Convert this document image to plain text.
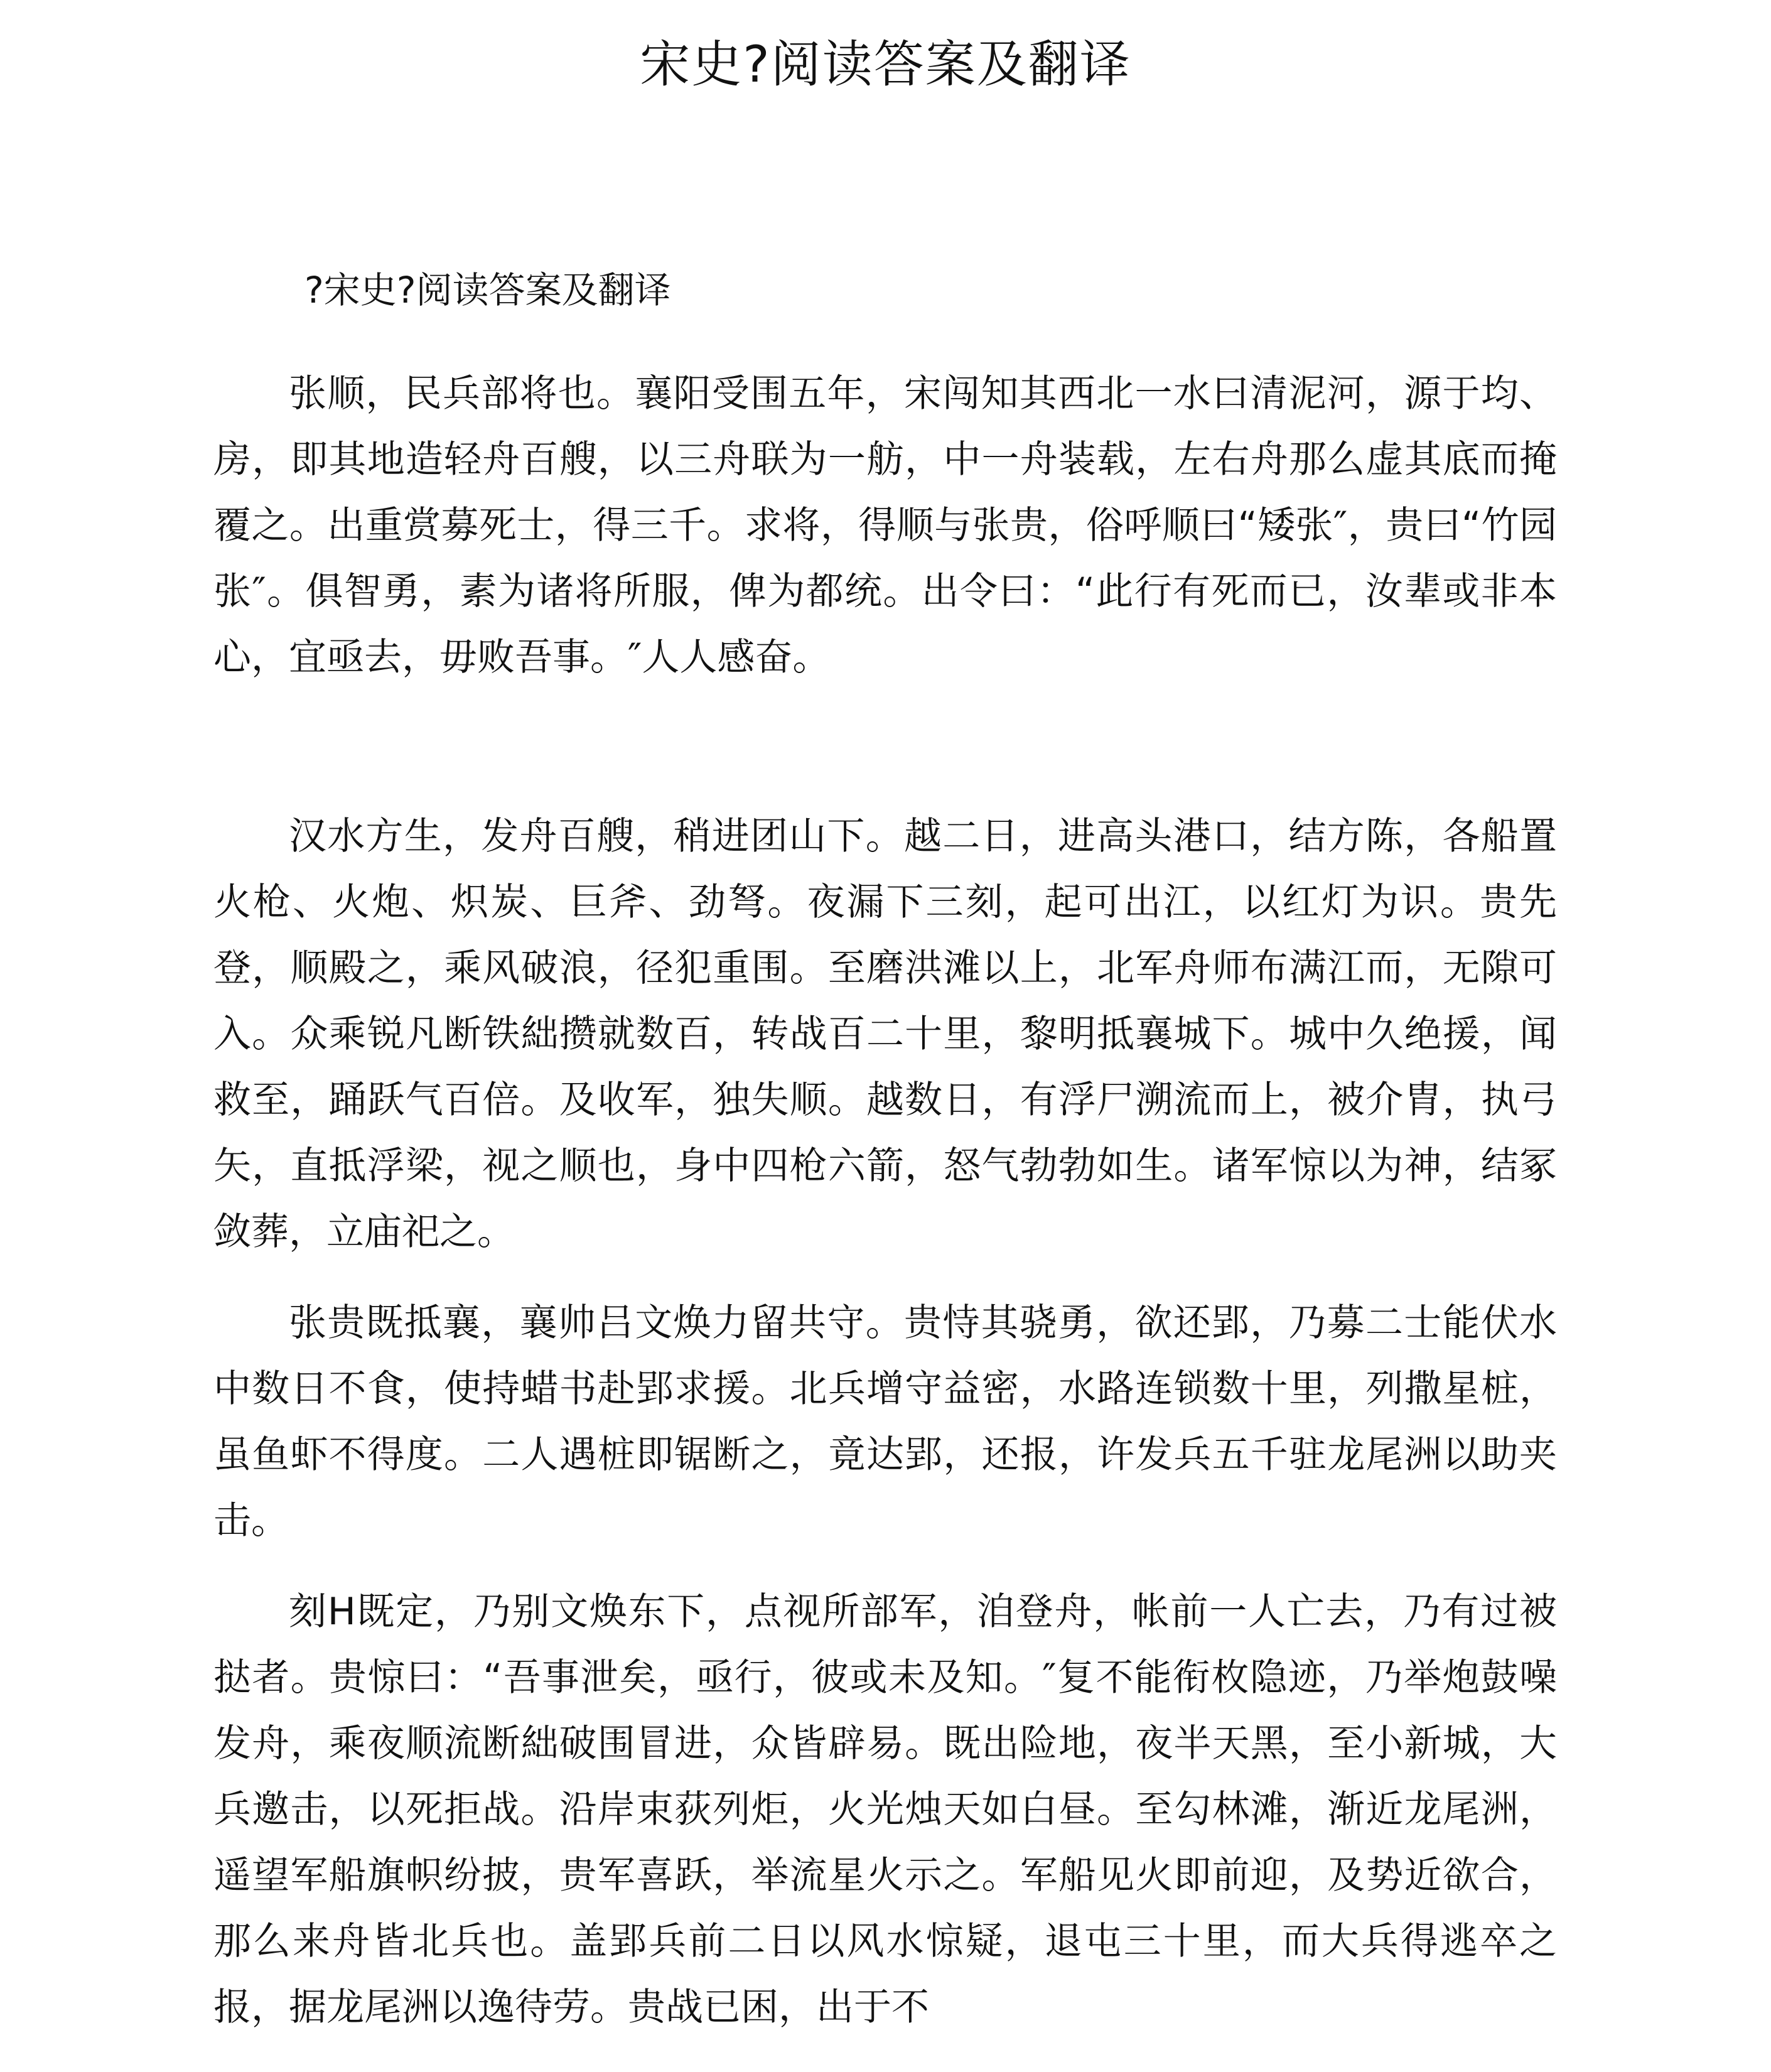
宋史?阅读答案及翻译
?宋史?阅读答案及翻译

张顺，民兵部将也。襄阳受围五年，宋闯知其西北一水曰清泥河，源于均、房，即其地造轻舟百艘，以三舟联为一舫，中一舟装载，左右舟那么虚其底而掩覆之。出重赏募死士，得三千。求将，得顺与张贵，俗呼顺曰“矮张″，贵曰“竹园张″。俱智勇，素为诸将所服，俾为都统。出令曰：“此行有死而已，汝辈或非本心，宜亟去，毋败吾事。″人人感奋。

汉水方生，发舟百艘，稍进团山下。越二日，进高头港口，结方陈，各船置火枪、火炮、炽炭、巨斧、劲弩。夜漏下三刻，起可出江，以红灯为识。贵先登，顺殿之，乘风破浪，径犯重围。至磨洪滩以上，北军舟师布满江而，无隙可入。众乘锐凡断铁絀攒就数百，转战百二十里，黎明抵襄城下。城中久绝援，闻救至，踊跃气百倍。及收军，独失顺。越数日，有浮尸溯流而上，被介胄，执弓矢，直抵浮梁，视之顺也，身中四枪六箭，怒气勃勃如生。诸军惊以为神，结冢敛葬，立庙祀之。

张贵既抵襄，襄帅吕文焕力留共守。贵恃其骁勇，欲还郢，乃募二士能伏水中数日不食，使持蜡书赴郢求援。北兵增守益密，水路连锁数十里，列撒星桩，虽鱼虾不得度。二人遇桩即锯断之，竟达郢，还报，许发兵五千驻龙尾洲以助夹击。

刻H既定，乃别文焕东下，点视所部军，洎登舟，帐前一人亡去，乃有过被挞者。贵惊曰：“吾事泄矣，亟行，彼或未及知。″复不能衔枚隐迹，乃举炮鼓噪发舟，乘夜顺流断絀破围冒进，众皆辟易。既出险地，夜半天黑，至小新城，大兵邀击，以死拒战。沿岸束荻列炬，火光烛天如白昼。至勾林滩，渐近龙尾洲，遥望军船旗帜纷披，贵军喜跃，举流星火示之。军船见火即前迎，及势近欲合，那么来舟皆北兵也。盖郢兵前二日以风水惊疑，退屯三十里，而大兵得逃卒之报，据龙尾洲以逸待劳。贵战已困，出于不
